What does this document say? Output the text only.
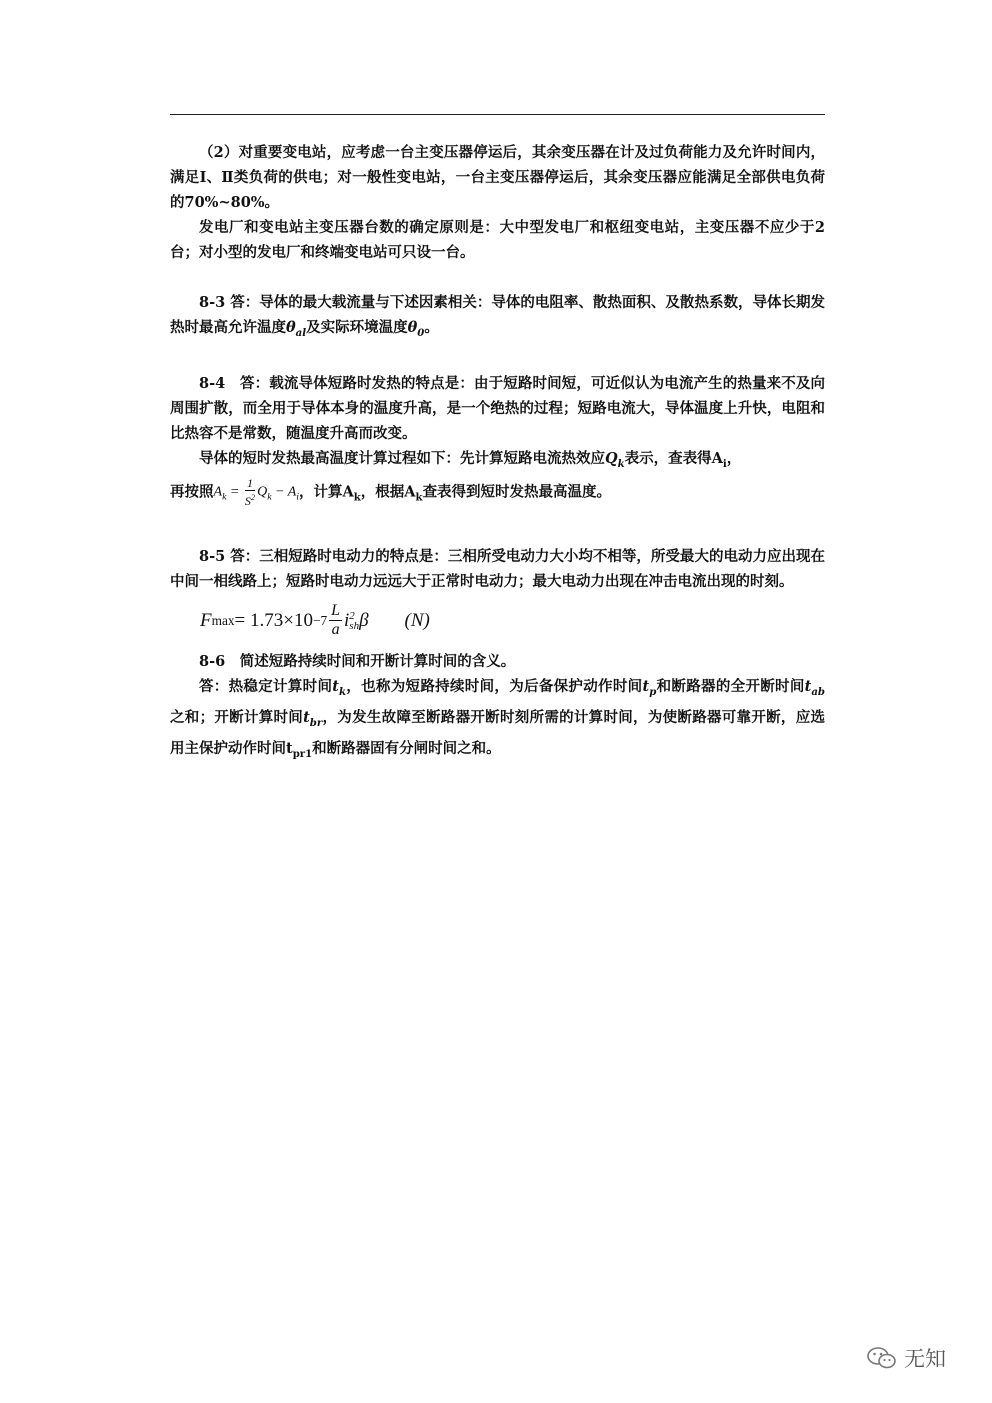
（2）对重要变电站，应考虑一台主变压器停运后，其余变压器在计及过负荷能力及允许时间内，满足Ⅰ、Ⅱ类负荷的供电；对一般性变电站，一台主变压器停运后，其余变压器应能满足全部供电负荷的70%~80%。

发电厂和变电站主变压器台数的确定原则是：大中型发电厂和枢纽变电站，主变压器不应少于2台；对小型的发电厂和终端变电站可只设一台。

8-3 答：导体的最大载流量与下述因素相关：导体的电阻率、散热面积、及散热系数，导体长期发热时最高允许温度$\theta_{al}$及实际环境温度$\theta_0$。

8-4　答：载流导体短路时发热的特点是：由于短路时间短，可近似认为电流产生的热量来不及向周围扩散，而全用于导体本身的温度升高，是一个绝热的过程；短路电流大，导体温度上升快，电阻和比热容不是常数，随温度升高而改变。

导体的短时发热最高温度计算过程如下：先计算短路电流热效应$Q_k$表示，查表得$A_i$，

再按照$A_k = \frac{1}{S^2} Q_k - A_i$，计算$A_k$，根据$A_k$查表得到短时发热最高温度。

8-5 答：三相短路时电动力的特点是：三相所受电动力大小均不相等，所受最大的电动力应出现在中间一相线路上；短路时电动力远远大于正常时电动力；最大电动力出现在冲击电流出现的时刻。

F $\max = 1.73\times 10 -7 \frac{L}{a}$ i 2
sh β (N)

8-6　简述短路持续时间和开断计算时间的含义。

答：热稳定计算时间$t_k$，也称为短路持续时间，为后备保护动作时间$t_p$和断路器的全开断时间$t_{ab}$之和；开断计算时间$t_{br}$，为发生故障至断路器开断时刻所需的计算时间，为使断路器可靠开断，应选用主保护动作时间$t_{pr1}$和断路器固有分闸时间之和。

无知
